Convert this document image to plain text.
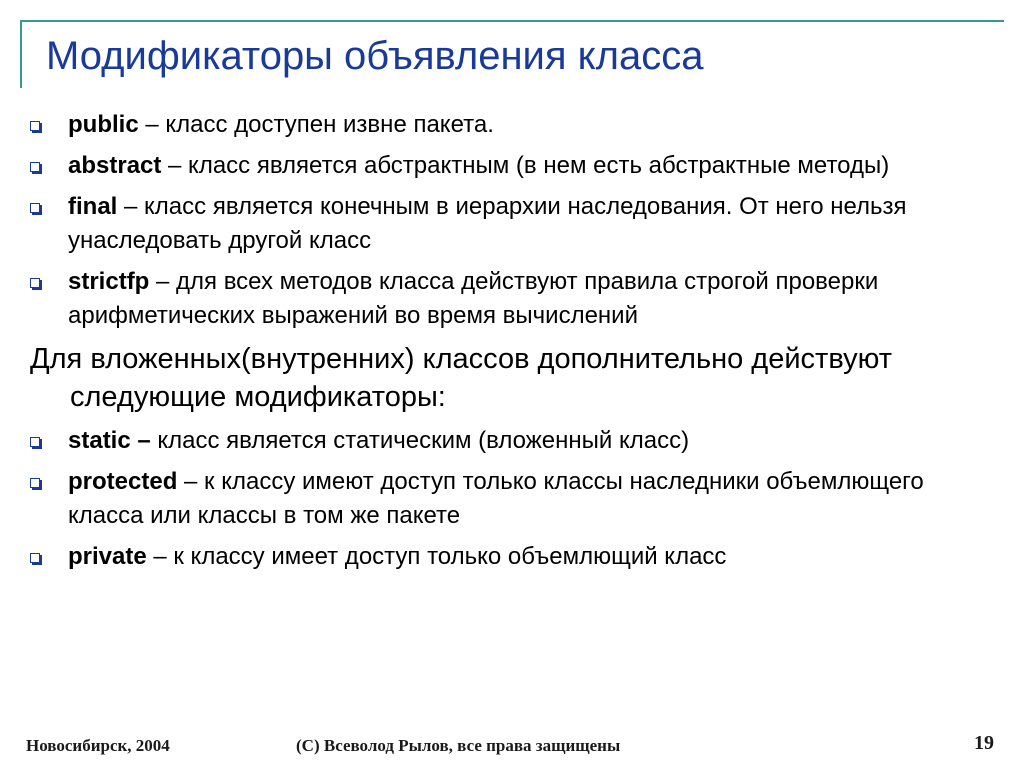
Модификаторы объявления класса
public – класс доступен извне пакета.
abstract – класс является абстрактным (в нем есть абстрактные методы)
final – класс является конечным в иерархии наследования. От него нельзя унаследовать другой класс
strictfp – для всех методов класса действуют правила строгой проверки арифметических выражений во время вычислений
Для вложенных(внутренних) классов дополнительно действуют следующие модификаторы:
static – класс является статическим (вложенный класс)
protected – к классу имеют доступ только классы наследники объемлющего класса или классы в том же пакете
private – к классу имеет доступ только объемлющий класс
Новосибирск, 2004	(C) Всеволод Рылов, все права защищены	19
